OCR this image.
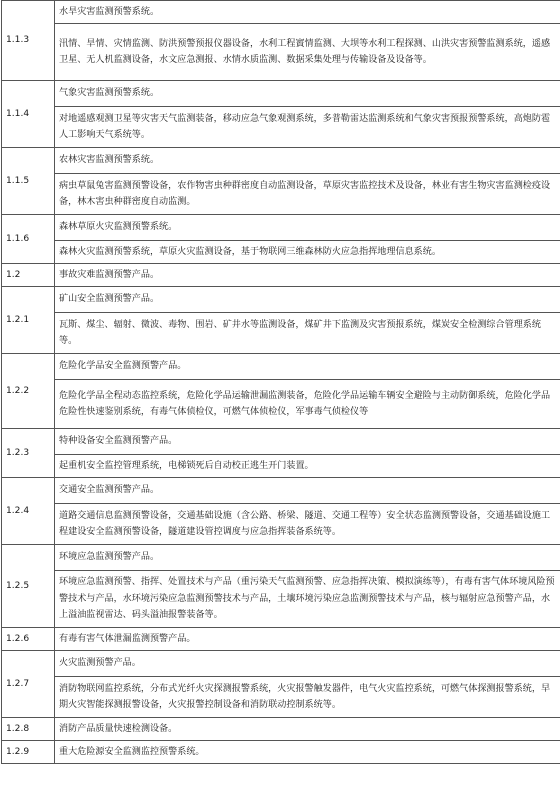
1.1.3	水旱灾害监测预警系统。
	汛情、旱情、灾情监测、防洪预警预报仪器设备，水利工程賨情监测、大坝等水利工程探测、山洪灾害预警监测系统，遥感卫星、无人机监测设备，水文应急测报、水情水质监测、数据采集处理与传输设备及设备等。
1.1.4	气象灾害监测预警系统。
	对地遥感观测卫星等灾害天气监测装备，移动应急气象观测系统，多普勒雷达监测系统和气象灾害预报预警系统，高炮防雹人工影响天气系统等。
1.1.5	农林灾害监测预警系统。
	病虫草鼠兔害监测预警设备，农作物害虫种群密度自动监测设备，草原灾害监控技术及设备，林业有害生物灾害监测检疫设备，林木害虫种群密度自动监测。
1.1.6	森林草原火灾监测预警系统。
	森林火灾监测预警系统，草原火灾监测设备，基于物联网三维森林防火应急指挥地理信息系统。
1.2	事故灾难监测预警产品。
1.2.1	矿山安全监测预警产品。
	瓦斯、煤尘、辐射、微波、毒物、围岩、矿井水等监测设备，煤矿井下监测及灾害预报系统，煤炭安全检测综合管理系统等。
1.2.2	危险化学品安全监测预警产品。
	危险化学品全程动态监控系统，危险化学品运输泄漏监测装备，危险化学品运输车辆安全避险与主动防御系统，危险化学品危险性快速鉴别系统，有毒气体侦检仪，可燃气体侦检仪，军事毒气侦检仪等
1.2.3	特种设备安全监测预警产品。
	起重机安全监控管理系统，电梯锁死后自动校正逃生开门装置。
1.2.4	交通安全监测预警产品。
	道路交通信息监测预警设备，交通基础设施（含公路、桥梁、隧道、交通工程等）安全状态监测预警设备，交通基础设施工程建设安全监测预警设备，隧道建设管控调度与应急指挥装备系统等。
1.2.5	环境应急监测预警产品。
	环境应急监测预警、指挥、处置技术与产品（重污染天气监测预警、应急指挥决策、模拟演练等），有毒有害气体环境风险预警技术与产品，水环境污染应急监测预警技术与产品，土壤环境污染应急监测预警技术与产品，核与辐射应急预警产品，水上溢油监视雷达、码头溢油报警装备等。
1.2.6	有毒有害气体泄漏监测预警产品。
1.2.7	火灾监测预警产品。
	消防物联网监控系统，分布式光纤火灾探测报警系统，火灾报警触发器件，电气火灾监控系统，可燃气体探测报警系统，早期火灾智能探测报警设备，火灾报警控制设备和消防联动控制系统等。
1.2.8	消防产品质量快速检测设备。
1.2.9	重大危险源安全监测监控预警系统。
